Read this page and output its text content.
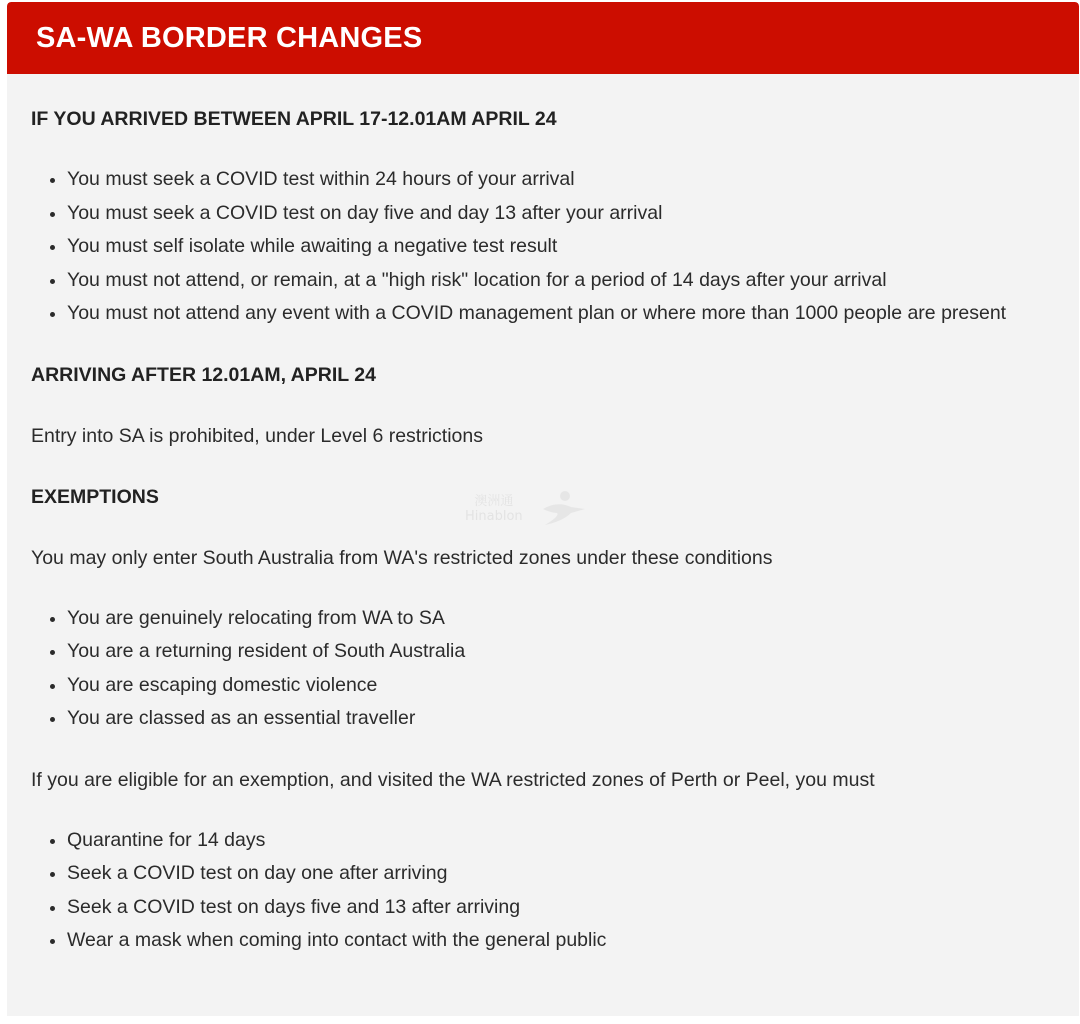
SA-WA BORDER CHANGES

IF YOU ARRIVED BETWEEN APRIL 17-12.01AM APRIL 24

You must seek a COVID test within 24 hours of your arrival
You must seek a COVID test on day five and day 13 after your arrival
You must self isolate while awaiting a negative test result
You must not attend, or remain, at a "high risk" location for a period of 14 days after your arrival
You must not attend any event with a COVID management plan or where more than 1000 people are present

ARRIVING AFTER 12.01AM, APRIL 24

Entry into SA is prohibited, under Level 6 restrictions

EXEMPTIONS

You may only enter South Australia from WA's restricted zones under these conditions

You are genuinely relocating from WA to SA
You are a returning resident of South Australia
You are escaping domestic violence
You are classed as an essential traveller

If you are eligible for an exemption, and visited the WA restricted zones of Perth or Peel, you must

Quarantine for 14 days
Seek a COVID test on day one after arriving
Seek a COVID test on days five and 13 after arriving
Wear a mask when coming into contact with the general public
澳洲通
Hinablon
